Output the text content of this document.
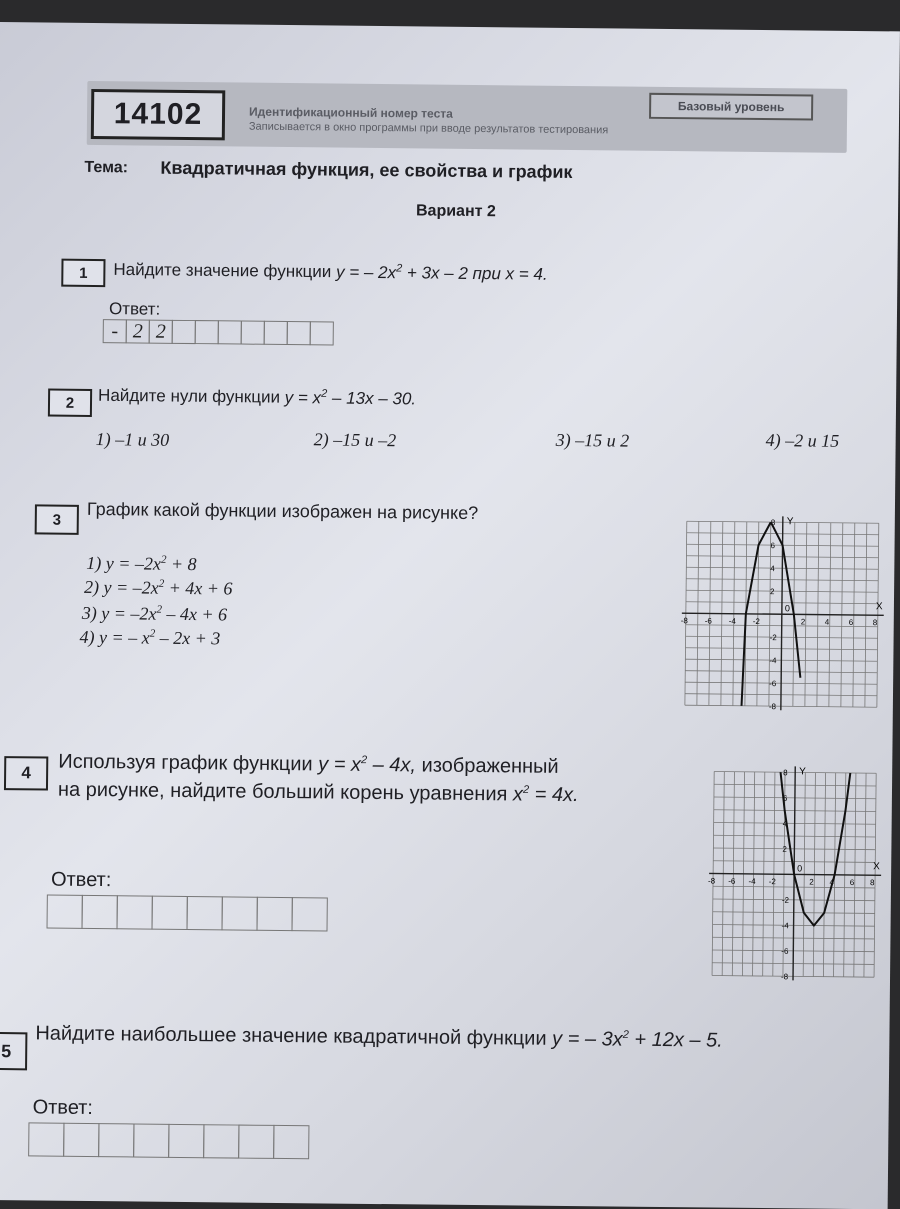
14102	Идентификационный номер теста
Записывается в окно программы при вводе результатов тестирования
Базовый уровень
Тема: Квадратичная функция, ее свойства и график
Вариант 2
1	Найдите значение функции y = – $2x^2 + 3x - 2$ при x = 4.
Ответ:
- 2 2
2	Найдите нули функции $y = x^2 - 13x - 30$.
1) –1 и 30	2) –15 и –2	3) –15 и 2	4) –2 и 15
3	График какой функции изображен на рисунке?
1) $y = -2x^2 + 8$
2) $y = -2x^2 + 4x + 6$
3) $y = -2x^2 - 4x + 6$
4) y = – $x^2 - 2x + 3$
X
Y
0
-8 -6 -4 -2	2 4 6 8
8
6
4
2
-2
-4
-6
-8
4	Используя график функции $y = x^2 - 4x$, изображенный
на рисунке, найдите больший корень уравнения $x^2 = 4x$.
Ответ:
X
Y
0
-8 -6 -4 -2	2 4 6 8
8
6
4
2
-2
-4
-6
-8
5
Найдите наибольшее значение квадратичной функции y = – $3x^2 + 12x - 5$.
Ответ:
